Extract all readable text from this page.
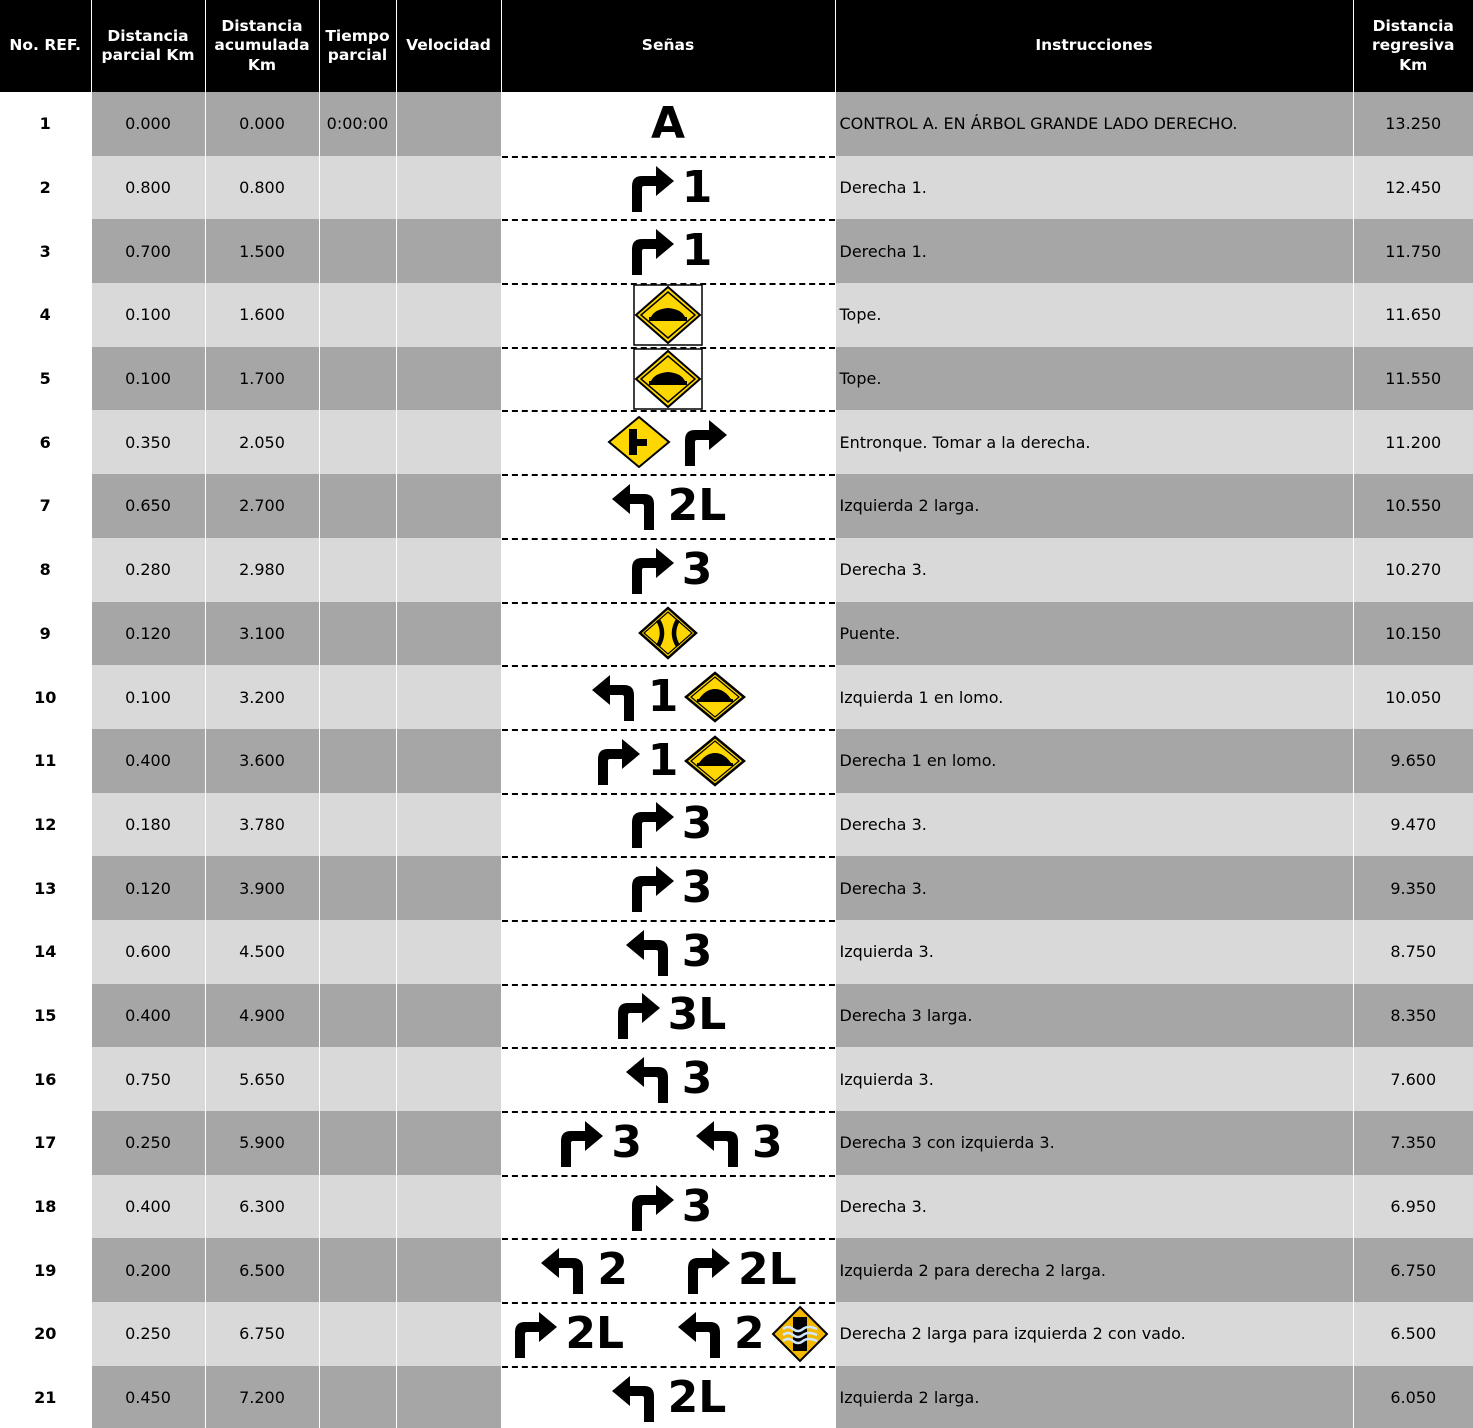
No. REF.	Distancia parcial Km	Distancia acumulada Km	Tiempo parcial	Velocidad	Señas	Instrucciones	Distancia regresiva Km
1	0.000	0.000	0:00:00		A	CONTROL A. EN ÁRBOL GRANDE LADO DERECHO.	13.250
2	0.800	0.800			1	Derecha 1.	12.450
3	0.700	1.500			1	Derecha 1.	11.750
4	0.100	1.600				Tope.	11.650
5	0.100	1.700				Tope.	11.550
6	0.350	2.050				Entronque. Tomar a la derecha.	11.200
7	0.650	2.700			2L	Izquierda 2 larga.	10.550
8	0.280	2.980			3	Derecha 3.	10.270
9	0.120	3.100				Puente.	10.150
10	0.100	3.200			1	Izquierda 1 en lomo.	10.050
11	0.400	3.600			1	Derecha 1 en lomo.	9.650
12	0.180	3.780			3	Derecha 3.	9.470
13	0.120	3.900			3	Derecha 3.	9.350
14	0.600	4.500			3	Izquierda 3.	8.750
15	0.400	4.900			3L	Derecha 3 larga.	8.350
16	0.750	5.650			3	Izquierda 3.	7.600
17	0.250	5.900			3 3	Derecha 3 con izquierda 3.	7.350
18	0.400	6.300			3	Derecha 3.	6.950
19	0.200	6.500			2 2L	Izquierda 2 para derecha 2 larga.	6.750
20	0.250	6.750			2L 2	Derecha 2 larga para izquierda 2 con vado.	6.500
21	0.450	7.200			2L	Izquierda 2 larga.	6.050
